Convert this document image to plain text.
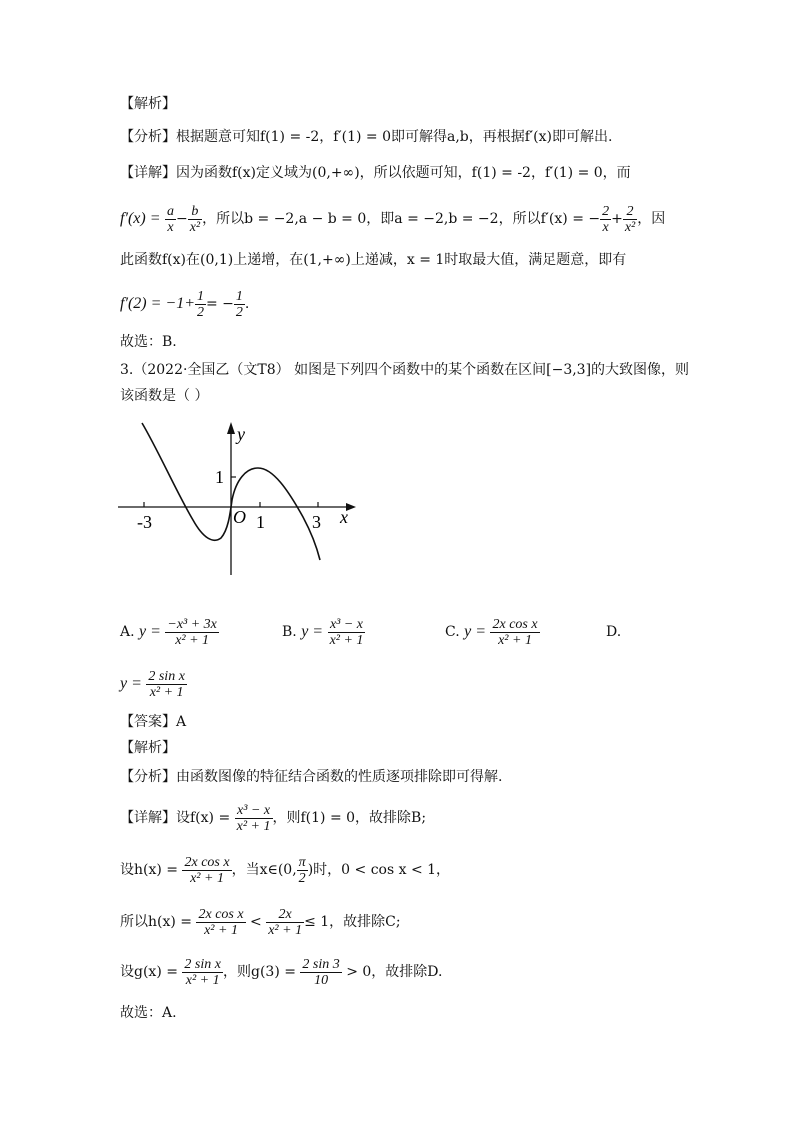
【解析】
【分析】根据题意可知f(1) = -2，f′(1) = 0即可解得a,b，再根据f′(x)即可解出.
【详解】因为函数f(x)定义域为(0,+∞)，所以依题可知，f(1) = -2，f′(1) = 0，而
$f'(x) = \frac{a}{x} - \frac{b}{\text{x²}}$ ，所以b = −2,a − b = 0，即a = −2,b = −2，所以f′(x) = − $\frac{2}{x} + \frac{2}{\text{x²}}$ ，因
此函数f(x)在(0,1)上递增，在(1,+∞)上递减，x = 1时取最大值，满足题意，即有
$f'(2) = -1+ \frac{1}{2}$ = − $\frac{1}{2}$ .
故选：B.
3.（2022·全国乙（文T8） 如图是下列四个函数中的某个函数在区间[−3,3]的大致图像，则
该函数是（ ）
y
x
O
-3	1	3
1
A. $y = \frac{\text{−x³ + 3x}}{\text{x² + 1}}$	B. $y = \frac{\text{x³ − x}}{\text{x² + 1}}$	C. $y = \frac{\text{2x cos x}}{\text{x² + 1}}$	D.
$y = \frac{\text{2 sin x}}{\text{x² + 1}}$
【答案】A
【解析】
【分析】由函数图像的特征结合函数的性质逐项排除即可得解.
【详解】设$f(x) = \frac{\text{x³ − x}}{\text{x² + 1}}$ ，则f(1) = 0，故排除B;
设$h(x) = \frac{\text{2x cos x}}{\text{x² + 1}}$ ，当x∈(0, $\frac{\pi}{2}$ )时，0 < cos x < 1，
所以$h(x) = \frac{\text{2x cos x}}{\text{x² + 1}} < \frac{2x}{\text{x² + 1}} \le 1$，故排除C;
设$g(x) = \frac{\text{2 sin x}}{\text{x² + 1}}$ ，则$g(3) = \frac{2 \sin 3}{10} > 0$，故排除D.
故选：A.
